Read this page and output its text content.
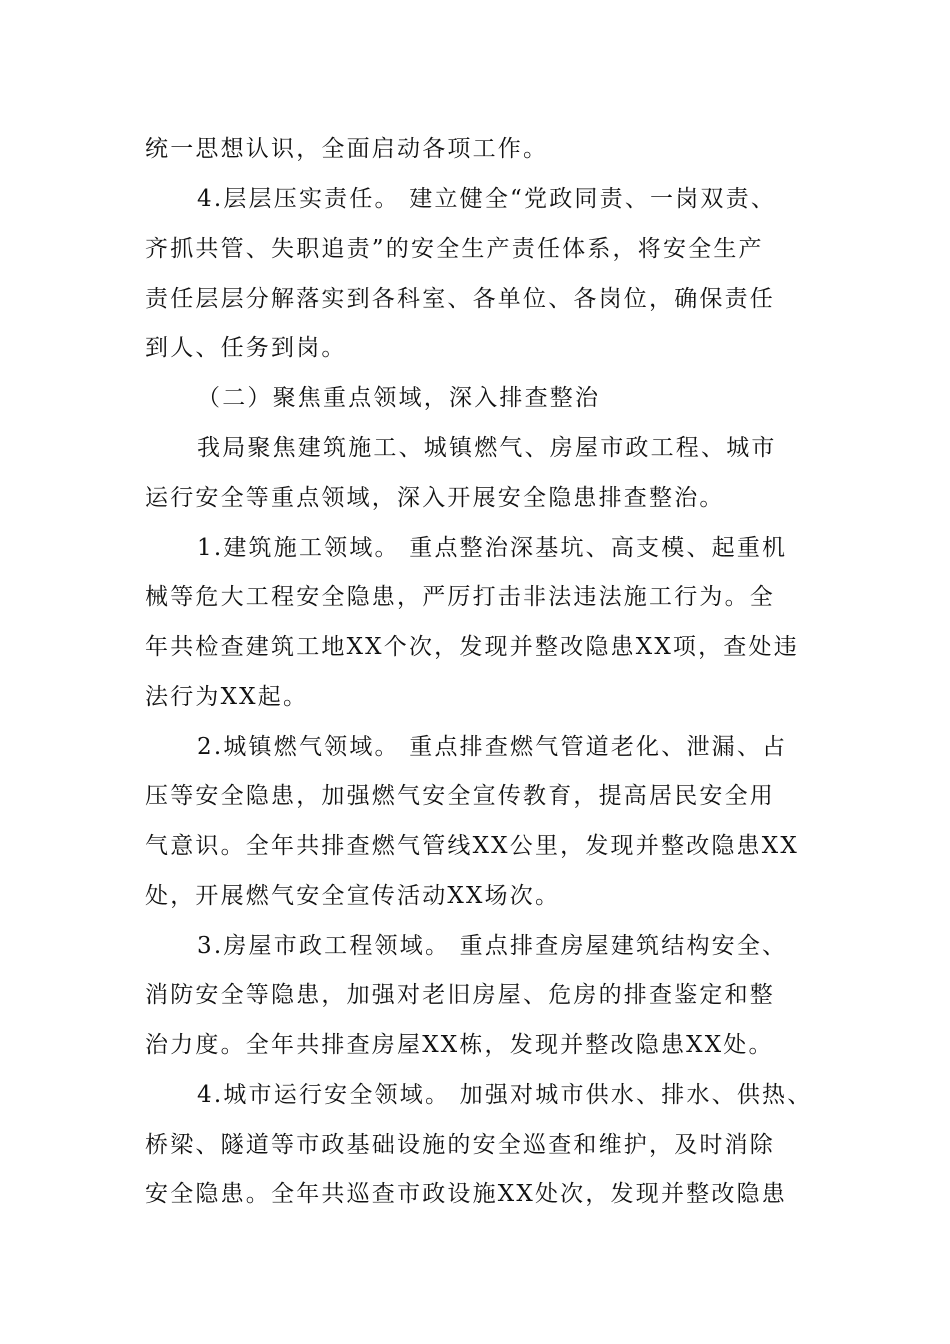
统一思想认识，全面启动各项工作。
4.层层压实责任。 建立健全“党政同责、一岗双责、
齐抓共管、失职追责”的安全生产责任体系，将安全生产
责任层层分解落实到各科室、各单位、各岗位，确保责任
到人、任务到岗。
（二）聚焦重点领域，深入排查整治
我局聚焦建筑施工、城镇燃气、房屋市政工程、城市
运行安全等重点领域，深入开展安全隐患排查整治。
1.建筑施工领域。 重点整治深基坑、高支模、起重机
械等危大工程安全隐患，严厉打击非法违法施工行为。全
年共检查建筑工地XX个次，发现并整改隐患XX项，查处违
法行为XX起。
2.城镇燃气领域。 重点排查燃气管道老化、泄漏、占
压等安全隐患，加强燃气安全宣传教育，提高居民安全用
气意识。全年共排查燃气管线XX公里，发现并整改隐患XX
处，开展燃气安全宣传活动XX场次。
3.房屋市政工程领域。 重点排查房屋建筑结构安全、
消防安全等隐患，加强对老旧房屋、危房的排查鉴定和整
治力度。全年共排查房屋XX栋，发现并整改隐患XX处。
4.城市运行安全领域。 加强对城市供水、排水、供热、
桥梁、隧道等市政基础设施的安全巡查和维护，及时消除
安全隐患。全年共巡查市政设施XX处次，发现并整改隐患
